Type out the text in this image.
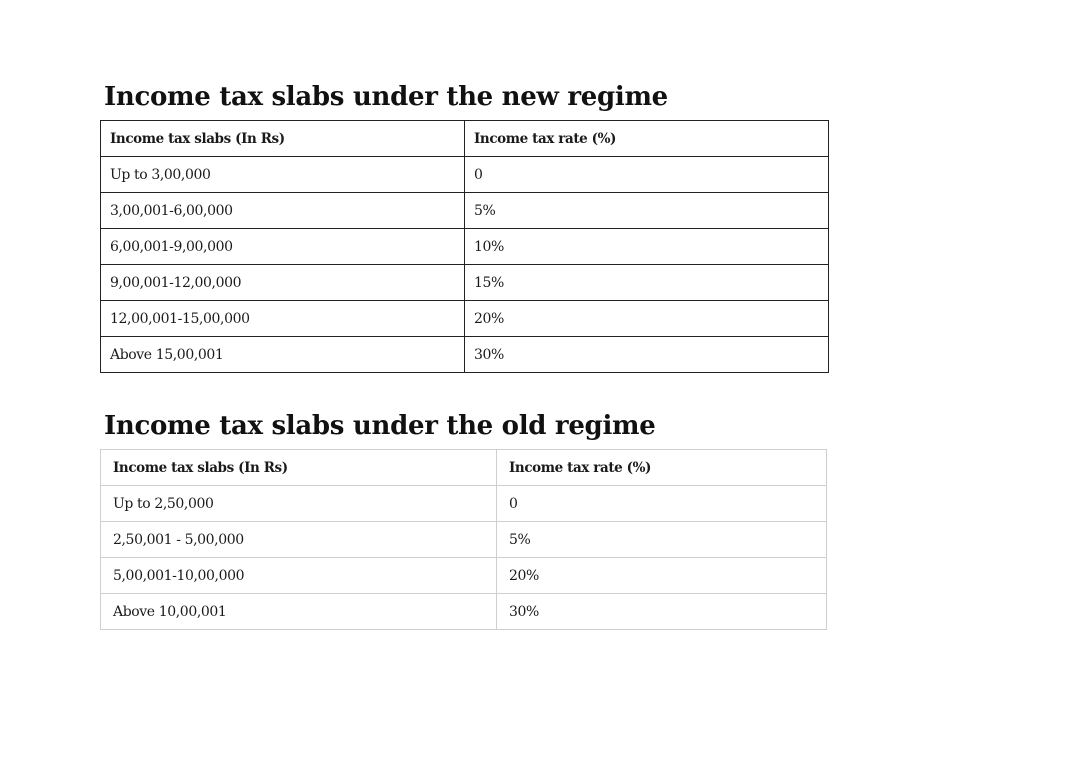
Income tax slabs under the new regime
Income tax slabs (In Rs)	Income tax rate (%)
Up to 3,00,000	0
3,00,001-6,00,000	5%
6,00,001-9,00,000	10%
9,00,001-12,00,000	15%
12,00,001-15,00,000	20%
Above 15,00,001	30%
Income tax slabs under the old regime
Income tax slabs (In Rs)	Income tax rate (%)
Up to 2,50,000	0
2,50,001 - 5,00,000	5%
5,00,001-10,00,000	20%
Above 10,00,001	30%
